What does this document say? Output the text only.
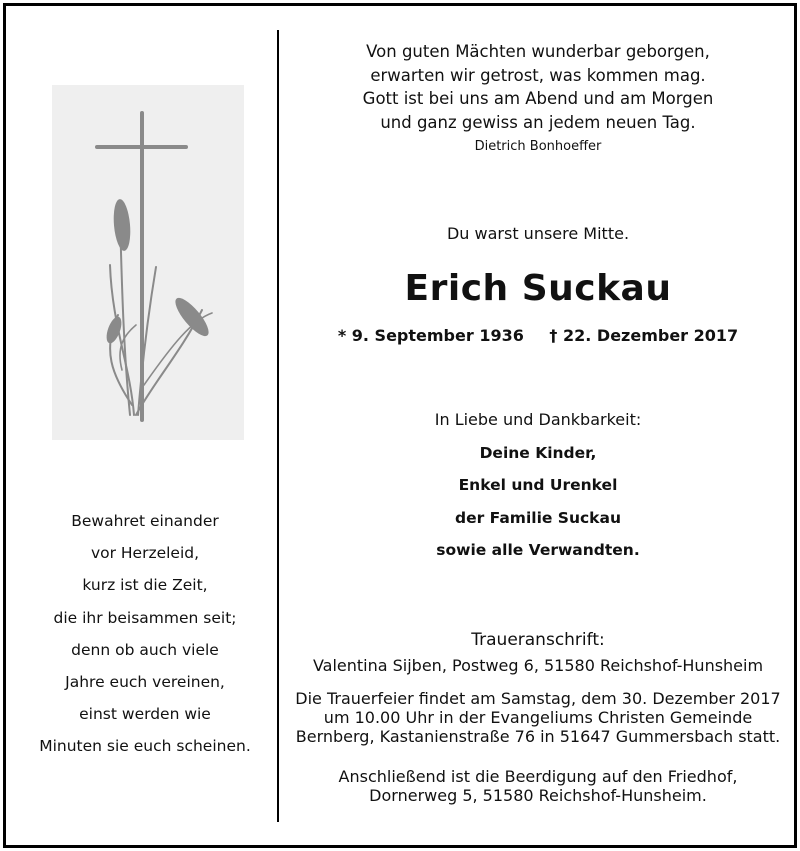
Bewahret einander
vor Herzeleid,
kurz ist die Zeit,
die ihr beisammen seit;
denn ob auch viele
Jahre euch vereinen,
einst werden wie
Minuten sie euch scheinen.
Von guten Mächten wunderbar geborgen,
erwarten wir getrost, was kommen mag.
Gott ist bei uns am Abend und am Morgen
und ganz gewiss an jedem neuen Tag.
Dietrich Bonhoeffer
Du warst unsere Mitte.
Erich Suckau
* 9. September 1936 † 22. Dezember 2017
In Liebe und Dankbarkeit:
Deine Kinder,
Enkel und Urenkel
der Familie Suckau
sowie alle Verwandten.
Traueranschrift:
Valentina Sijben, Postweg 6, 51580 Reichshof-Hunsheim
Die Trauerfeier findet am Samstag, dem 30. Dezember 2017
um 10.00 Uhr in der Evangeliums Christen Gemeinde
Bernberg, Kastanienstraße 76 in 51647 Gummersbach statt.
Anschließend ist die Beerdigung auf den Friedhof,
Dornerweg 5, 51580 Reichshof-Hunsheim.
